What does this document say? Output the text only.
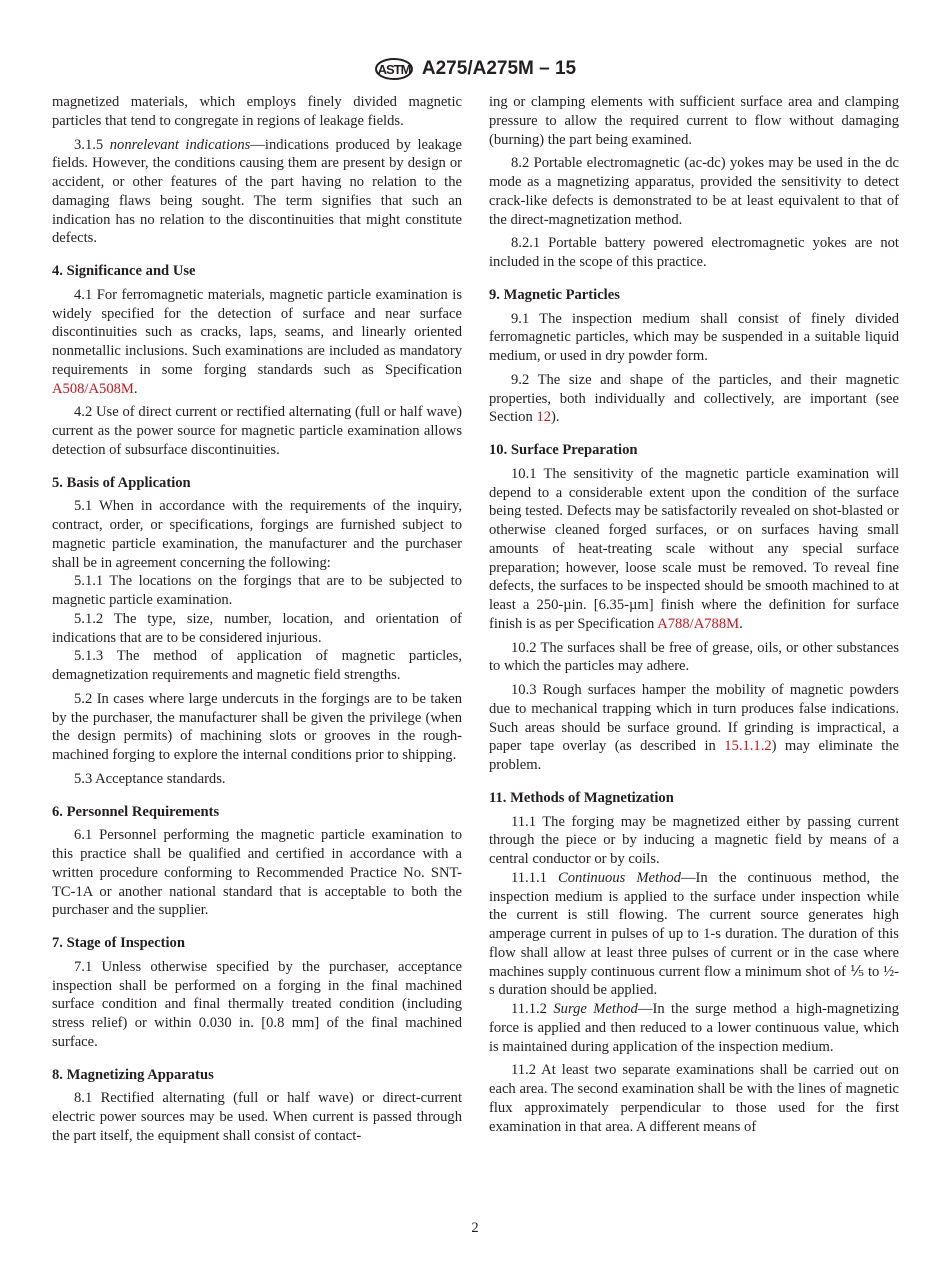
ASTM A275/A275M – 15

magnetized materials, which employs finely divided magnetic particles that tend to congregate in regions of leakage fields.

3.1.5 nonrelevant indications—indications produced by leakage fields. However, the conditions causing them are present by design or accident, or other features of the part having no relation to the damaging flaws being sought. The term signifies that such an indication has no relation to the discontinuities that might constitute defects.

4. Significance and Use

4.1 For ferromagnetic materials, magnetic particle examination is widely specified for the detection of surface and near surface discontinuities such as cracks, laps, seams, and linearly oriented nonmetallic inclusions. Such examinations are included as mandatory requirements in some forging standards such as Specification A508/A508M.

4.2 Use of direct current or rectified alternating (full or half wave) current as the power source for magnetic particle examination allows detection of subsurface discontinuities.

5. Basis of Application

5.1 When in accordance with the requirements of the inquiry, contract, order, or specifications, forgings are furnished subject to magnetic particle examination, the manufacturer and the purchaser shall be in agreement concerning the following:

5.1.1 The locations on the forgings that are to be subjected to magnetic particle examination.

5.1.2 The type, size, number, location, and orientation of indications that are to be considered injurious.

5.1.3 The method of application of magnetic particles, demagnetization requirements and magnetic field strengths.

5.2 In cases where large undercuts in the forgings are to be taken by the purchaser, the manufacturer shall be given the privilege (when the design permits) of machining slots or grooves in the rough-machined forging to explore the internal conditions prior to shipping.

5.3 Acceptance standards.

6. Personnel Requirements

6.1 Personnel performing the magnetic particle examination to this practice shall be qualified and certified in accordance with a written procedure conforming to Recommended Practice No. SNT-TC-1A or another national standard that is acceptable to both the purchaser and the supplier.

7. Stage of Inspection

7.1 Unless otherwise specified by the purchaser, acceptance inspection shall be performed on a forging in the final machined surface condition and final thermally treated condition (including stress relief) or within 0.030 in. [0.8 mm] of the final machined surface.

8. Magnetizing Apparatus

8.1 Rectified alternating (full or half wave) or direct-current electric power sources may be used. When current is passed through the part itself, the equipment shall consist of contact-

ing or clamping elements with sufficient surface area and clamping pressure to allow the required current to flow without damaging (burning) the part being examined.

8.2 Portable electromagnetic (ac-dc) yokes may be used in the dc mode as a magnetizing apparatus, provided the sensitivity to detect crack-like defects is demonstrated to be at least equivalent to that of the direct-magnetization method.

8.2.1 Portable battery powered electromagnetic yokes are not included in the scope of this practice.

9. Magnetic Particles

9.1 The inspection medium shall consist of finely divided ferromagnetic particles, which may be suspended in a suitable liquid medium, or used in dry powder form.

9.2 The size and shape of the particles, and their magnetic properties, both individually and collectively, are important (see Section 12).

10. Surface Preparation

10.1 The sensitivity of the magnetic particle examination will depend to a considerable extent upon the condition of the surface being tested. Defects may be satisfactorily revealed on shot-blasted or otherwise cleaned forged surfaces, or on surfaces having small amounts of heat-treating scale without any special surface preparation; however, loose scale must be removed. To reveal fine defects, the surfaces to be inspected should be smooth machined to at least a 250-µin. [6.35-µm] finish where the definition for surface finish is as per Specification A788/A788M.

10.2 The surfaces shall be free of grease, oils, or other substances to which the particles may adhere.

10.3 Rough surfaces hamper the mobility of magnetic powders due to mechanical trapping which in turn produces false indications. Such areas should be surface ground. If grinding is impractical, a paper tape overlay (as described in 15.1.1.2) may eliminate the problem.

11. Methods of Magnetization

11.1 The forging may be magnetized either by passing current through the piece or by inducing a magnetic field by means of a central conductor or by coils.

11.1.1 Continuous Method—In the continuous method, the inspection medium is applied to the surface under inspection while the current is still flowing. The current source generates high amperage current in pulses of up to 1-s duration. The duration of this flow shall allow at least three pulses of current or in the case where machines supply continuous current flow a minimum shot of ⅕ to ½-s duration should be applied.

11.1.2 Surge Method—In the surge method a high-magnetizing force is applied and then reduced to a lower continuous value, which is maintained during application of the inspection medium.

11.2 At least two separate examinations shall be carried out on each area. The second examination shall be with the lines of magnetic flux approximately perpendicular to those used for the first examination in that area. A different means of

2
